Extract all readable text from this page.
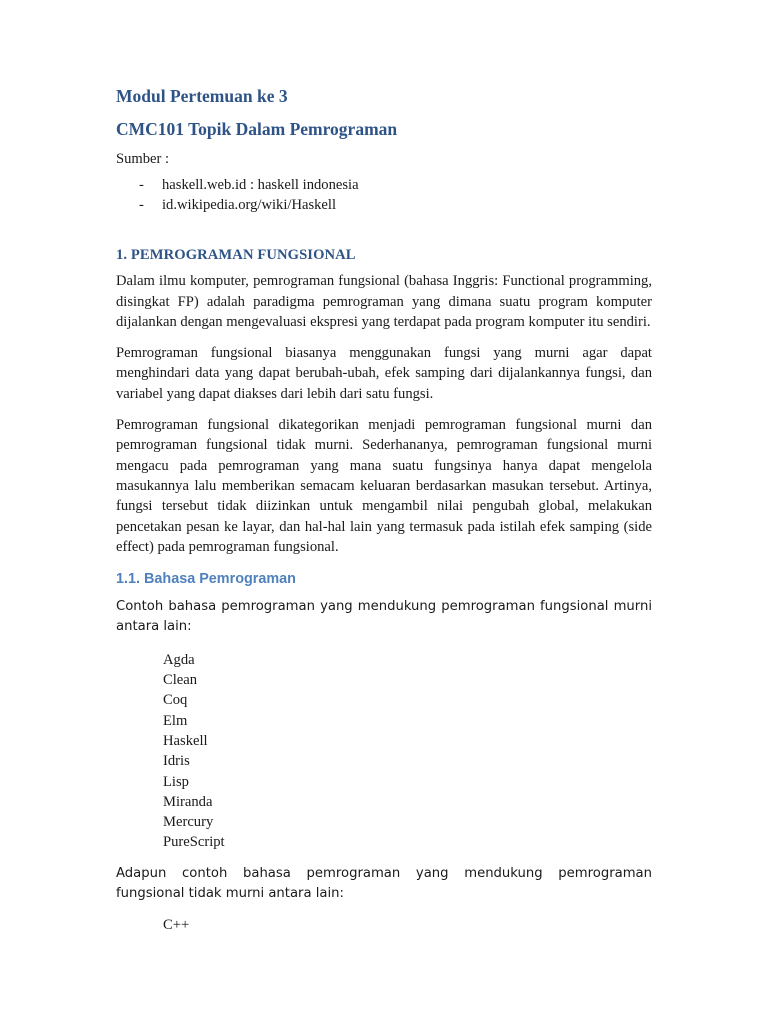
Modul Pertemuan ke 3
CMC101 Topik Dalam Pemrograman

Sumber :

-	haskell.web.id : haskell indonesia
-	id.wikipedia.org/wiki/Haskell
1. PEMROGRAMAN FUNGSIONAL

Dalam ilmu komputer, pemrograman fungsional (bahasa Inggris: Functional programming, disingkat FP) adalah paradigma pemrograman yang dimana suatu program komputer dijalankan dengan mengevaluasi ekspresi yang terdapat pada program komputer itu sendiri.

Pemrograman fungsional biasanya menggunakan fungsi yang murni agar dapat menghindari data yang dapat berubah-ubah, efek samping dari dijalankannya fungsi, dan variabel yang dapat diakses dari lebih dari satu fungsi.

Pemrograman fungsional dikategorikan menjadi pemrograman fungsional murni dan pemrograman fungsional tidak murni. Sederhananya, pemrograman fungsional murni mengacu pada pemrograman yang mana suatu fungsinya hanya dapat mengelola masukannya lalu memberikan semacam keluaran berdasarkan masukan tersebut. Artinya, fungsi tersebut tidak diizinkan untuk mengambil nilai pengubah global, melakukan pencetakan pesan ke layar, dan hal-hal lain yang termasuk pada istilah efek samping (side effect) pada pemrograman fungsional.

1.1. Bahasa Pemrograman

Contoh bahasa pemrograman yang mendukung pemrograman fungsional murni antara lain:

Agda
Clean
Coq
Elm
Haskell
Idris
Lisp
Miranda
Mercury
PureScript

Adapun contoh bahasa pemrograman yang mendukung pemrograman fungsional tidak murni antara lain:

C++
